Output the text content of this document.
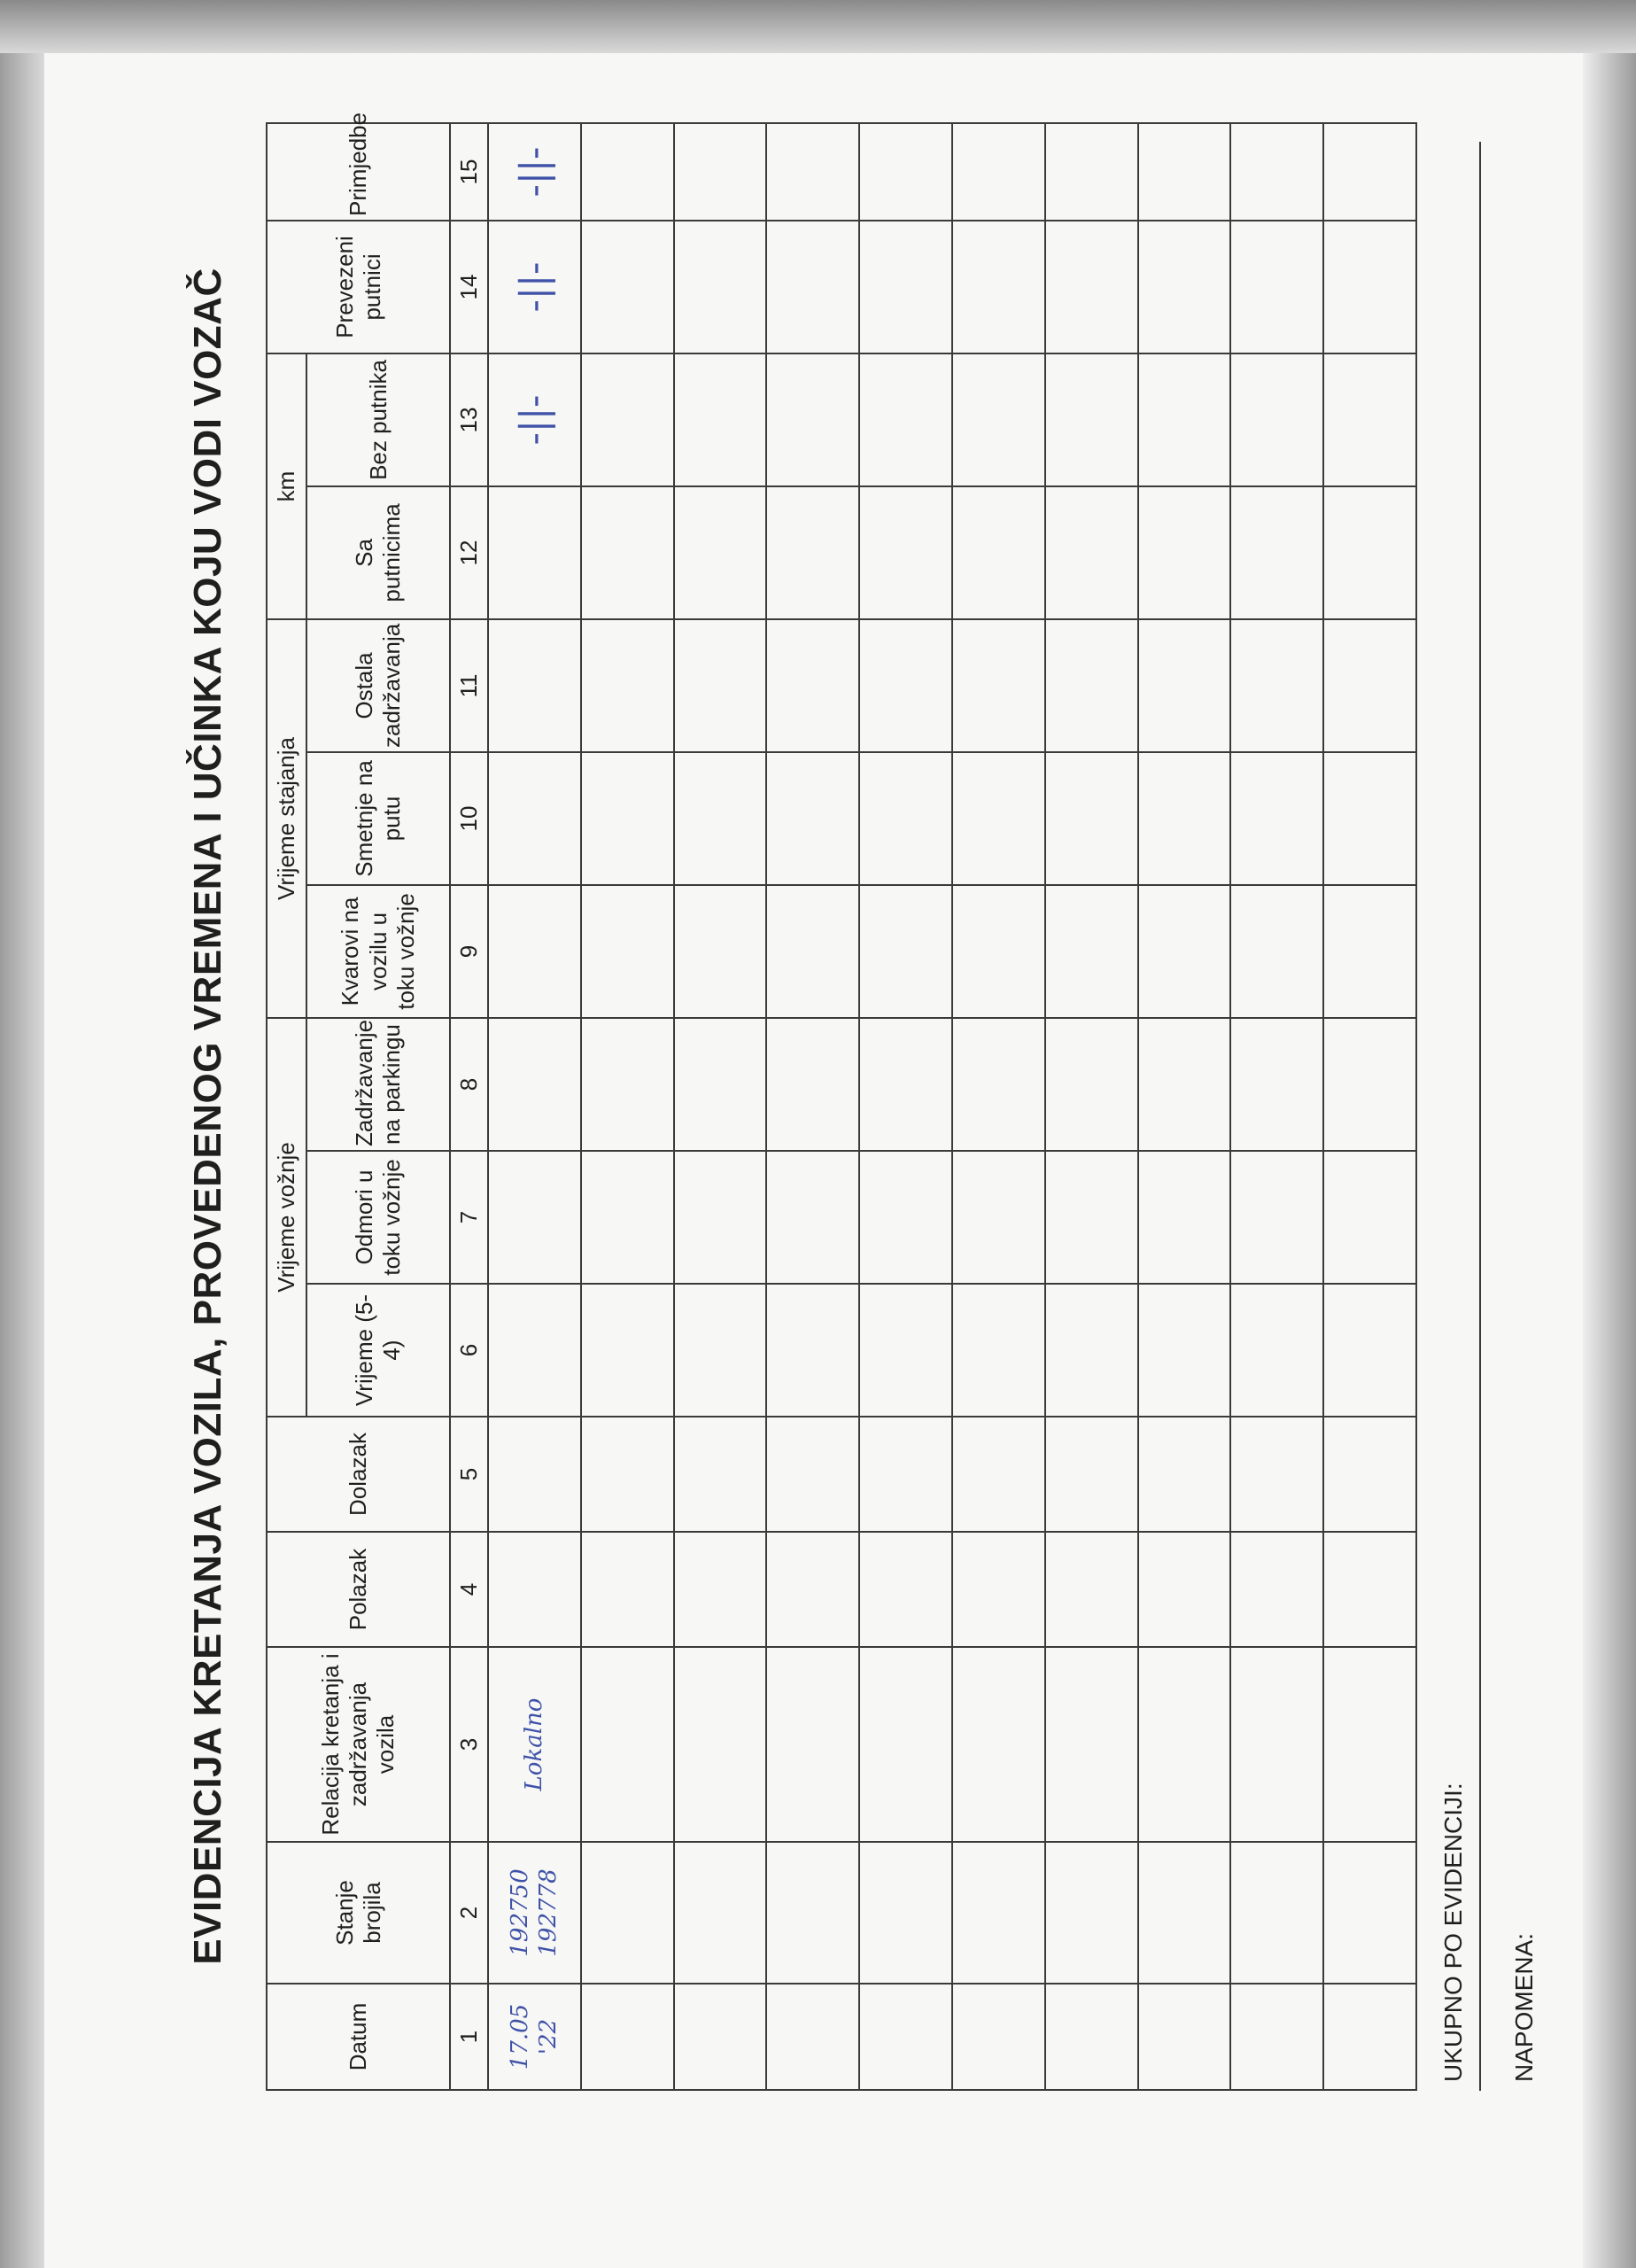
EVIDENCIJA KRETANJA VOZILA, PROVEDENOG VREMENA I UČINKA KOJU VODI VOZAČ
Datum	Stanje brojila	Relacija kretanja i zadržavanja vozila	Polazak	Dolazak	Vrijeme vožnje			Vrijeme stajanja			km		Prevezeni putnici	Primjedbe
					Vrijeme (5-4)	Odmori u toku vožnje	Zadržavanje na parkingu	Kvarovi na vozilu u toku vožnje	Smetnje na putu	Ostala zadržavanja	Sa putnicima	Bez putnika		
1	2	3	4	5	6	7	8	9	10	11	12	13	14	15
17.05 '22	192750 192778	Lokalno										-||-	-||-	-||-

UKUPNO PO EVIDENCIJI: NAPOMENA:
